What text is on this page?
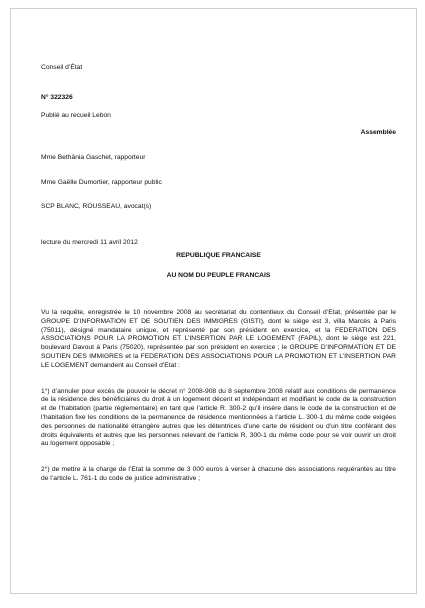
Conseil d’État
N° 322326
Publié au recueil Lebon
Assemblée
Mme Bethânia Gaschet, rapporteur
Mme Gaëlle Dumortier, rapporteur public
SCP BLANC, ROUSSEAU, avocat(s)
lecture du mercredi 11 avril 2012
REPUBLIQUE FRANCAISE
AU NOM DU PEUPLE FRANCAIS

Vu la requête, enregistrée le 10 novembre 2008 au secrétariat du contentieux du Conseil d’Etat, présentée par le GROUPE D’INFORMATION ET DE SOUTIEN DES IMMIGRES (GISTI), dont le siège est 3, villa Marcès à Paris (75011), désigné mandataire unique, et représenté par son président en exercice, et la FEDERATION DES ASSOCIATIONS POUR LA PROMOTION ET L’INSERTION PAR LE LOGEMENT (FAPIL), dont le siège est 221, boulevard Davout à Paris (75020), représentée par son président en exercice ; le GROUPE D’INFORMATION ET DE SOUTIEN DES IMMIGRES et la FEDERATION DES ASSOCIATIONS POUR LA PROMOTION ET L’INSERTION PAR LE LOGEMENT demandent au Conseil d’Etat :

1°) d’annuler pour excès de pouvoir le décret n° 2008-908 du 8 septembre 2008 relatif aux conditions de permanence de la résidence des bénéficiaires du droit à un logement décent et indépendant et modifiant le code de la construction et de l’habitation (partie réglementaire) en tant que l’article R. 300-2 qu’il insère dans le code de la construction et de l’habitation fixe les conditions de la permanence de résidence mentionnées à l’article L. 300-1 du même code exigées des personnes de nationalité étrangère autres que les détentrices d’une carte de résident ou d’un titre conférant des droits équivalents et autres que les personnes relevant de l’article R. 300-1 du même code pour se voir ouvrir un droit au logement opposable ;

2°) de mettre à la charge de l’Etat la somme de 3 000 euros à verser à chacune des associations requérantes au titre de l’article L. 761-1 du code de justice administrative ;
